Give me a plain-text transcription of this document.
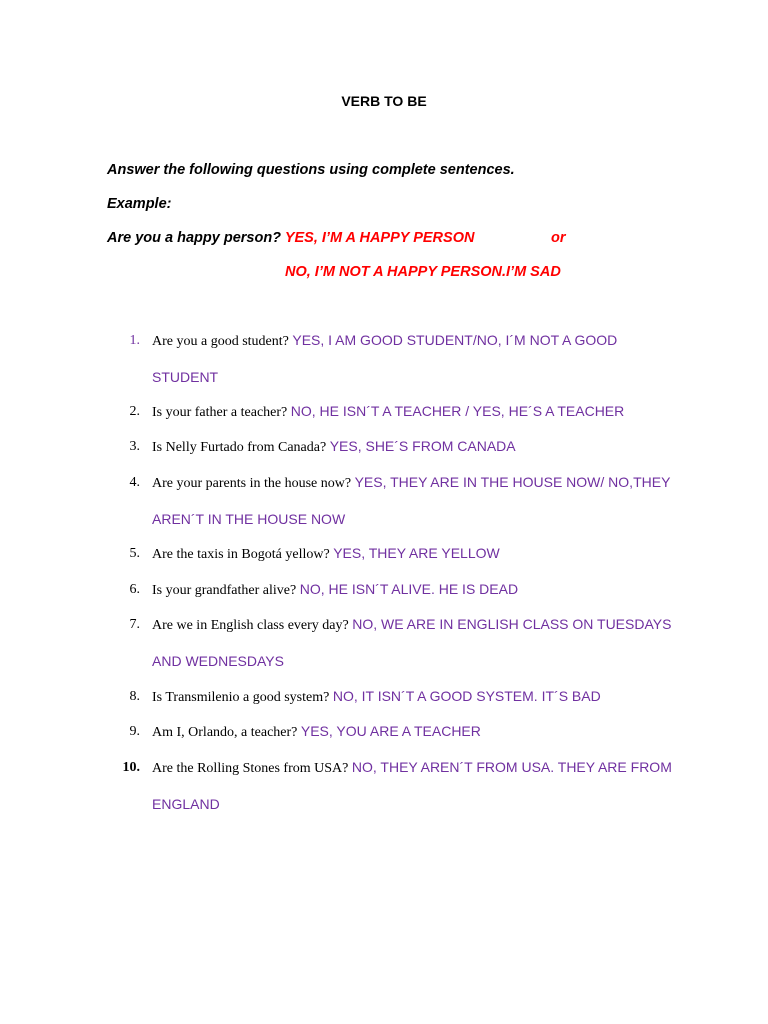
VERB TO BE
Answer the following questions using complete sentences.
Example:
Are you a happy person? YES, I’M A HAPPY PERSON	or
NO, I’M NOT A HAPPY PERSON.I’M SAD
1. Are you a good student? YES, I AM GOOD STUDENT/NO, I´M NOT A GOOD STUDENT
2. Is your father a teacher? NO, HE ISN´T A TEACHER / YES, HE´S A TEACHER
3. Is Nelly Furtado from Canada? YES, SHE´S FROM CANADA
4. Are your parents in the house now? YES, THEY ARE IN THE HOUSE NOW/ NO,THEY AREN´T IN THE HOUSE NOW
5. Are the taxis in Bogotá yellow? YES, THEY ARE YELLOW
6. Is your grandfather alive? NO, HE ISN´T ALIVE. HE IS DEAD
7. Are we in English class every day? NO, WE ARE IN ENGLISH CLASS ON TUESDAYS AND WEDNESDAYS
8. Is Transmilenio a good system? NO, IT ISN´T A GOOD SYSTEM. IT´S BAD
9. Am I, Orlando, a teacher? YES, YOU ARE A TEACHER
10. Are the Rolling Stones from USA? NO, THEY AREN´T FROM USA. THEY ARE FROM ENGLAND
